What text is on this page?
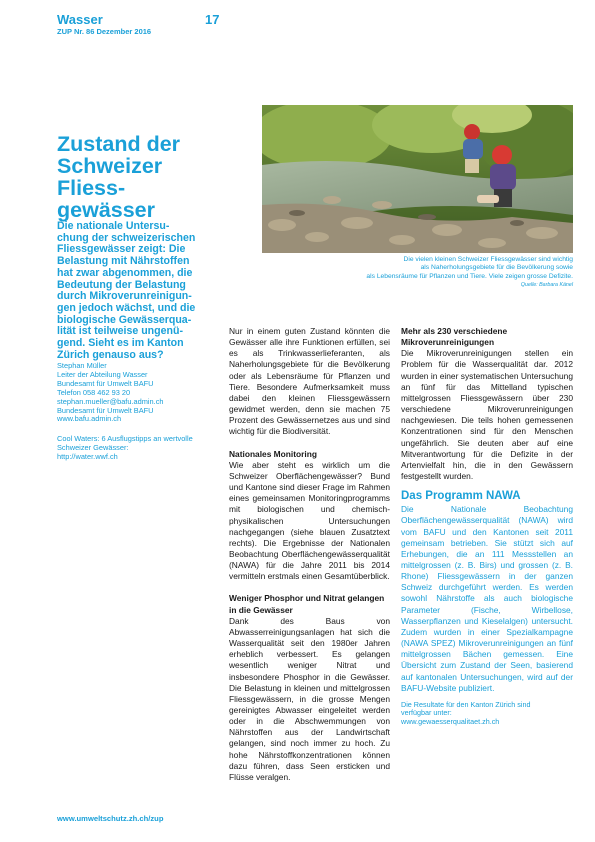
Wasser
ZUP Nr. 86 Dezember 2016
17
Die vielen kleinen Schweizer Fliessgewässer sind wichtig
als Naherholungsgebiete für die Bevölkerung sowie
als Lebensräume für Pflanzen und Tiere. Viele zeigen grosse Defizite.
Quelle: Barbara Känel
Zustand der
Schweizer
Fliess-
gewässer
Die nationale Untersu-
chung der schweizerischen
Fliessgewässer zeigt: Die
Belastung mit Nährstoffen
hat zwar abgenommen, die
Bedeutung der Belastung
durch Mikroverunreinigun-
gen jedoch wächst, und die
biologische Gewässerqua-
lität ist teilweise ungenü-
gend. Sieht es im Kanton
Zürich genauso aus?
Stephan Müller
Leiter der Abteilung Wasser
Bundesamt für Umwelt BAFU
Telefon 058 462 93 20
stephan.mueller@bafu.admin.ch
Bundesamt für Umwelt BAFU
www.bafu.admin.ch
Cool Waters: 6 Ausflugstipps an wertvolle
Schweizer Gewässer:
http://water.wwf.ch

Nur in einem guten Zustand könnten die Gewässer alle ihre Funktionen erfüllen, sei es als Trinkwasserlieferanten, als Naherholungsgebiete für die Bevölkerung oder als Lebensräume für Pflanzen und Tiere. Besondere Aufmerksamkeit muss dabei den kleinen Fliessgewässern gewidmet werden, denn sie machen 75 Prozent des Gewässernetzes aus und sind wichtig für die Biodiversität.

Nationales Monitoring

Wie aber steht es wirklich um die Schweizer Oberflächengewässer? Bund und Kantone sind dieser Frage im Rahmen eines gemeinsamen Monitoringprogramms mit biologischen und chemisch-physikalischen Untersuchungen nachgegangen (siehe blauen Zusatztext rechts). Die Ergebnisse der Nationalen Beobachtung Oberflächengewässerqualität (NAWA) für die Jahre 2011 bis 2014 vermitteln erstmals einen Gesamtüberblick.

Weniger Phosphor und Nitrat gelangen in die Gewässer

Dank des Baus von Abwasserreinigungsanlagen hat sich die Wasserqualität seit den 1980er Jahren erheblich verbessert. Es gelangen wesentlich weniger Nitrat und insbesondere Phosphor in die Gewässer. Die Belastung in kleinen und mittelgrossen Fliessgewässern, in die grosse Mengen gereinigtes Abwasser eingeleitet werden oder in die Abschwemmungen von Nährstoffen aus der Landwirtschaft gelangen, sind noch immer zu hoch. Zu hohe Nährstoffkonzentrationen können dazu führen, dass Seen ersticken und Flüsse veralgen.

Mehr als 230 verschiedene Mikroverunreinigungen

Die Mikroverunreinigungen stellen ein Problem für die Wasserqualität dar. 2012 wurden in einer systematischen Untersuchung an fünf für das Mittelland typischen mittelgrossen Fliessgewässern über 230 verschiedene Mikroverunreinigungen nachgewiesen. Die teils hohen gemessenen Konzentrationen sind für den Menschen ungefährlich. Sie deuten aber auf eine Mitverantwortung für die Defizite in der Artenvielfalt hin, die in den Gewässern festgestellt wurden.

Das Programm NAWA

Die Nationale Beobachtung Oberflächengewässerqualität (NAWA) wird vom BAFU und den Kantonen seit 2011 gemeinsam betrieben. Sie stützt sich auf Erhebungen, die an 111 Messstellen an mittelgrossen (z. B. Birs) und grossen (z. B. Rhone) Fliessgewässern in der ganzen Schweiz durchgeführt werden. Es werden sowohl Nährstoffe als auch biologische Parameter (Fische, Wirbellose, Wasserpflanzen und Kieselalgen) untersucht. Zudem wurden in einer Spezialkampagne (NAWA SPEZ) Mikroverunreinigungen an fünf mittelgrossen Bächen gemessen. Eine Übersicht zum Zustand der Seen, basierend auf kantonalen Untersuchungen, wird auf der BAFU-Website publiziert.

Die Resultate für den Kanton Zürich sind
verfügbar unter:
www.gewaesserqualitaet.zh.ch
www.umweltschutz.zh.ch/zup
